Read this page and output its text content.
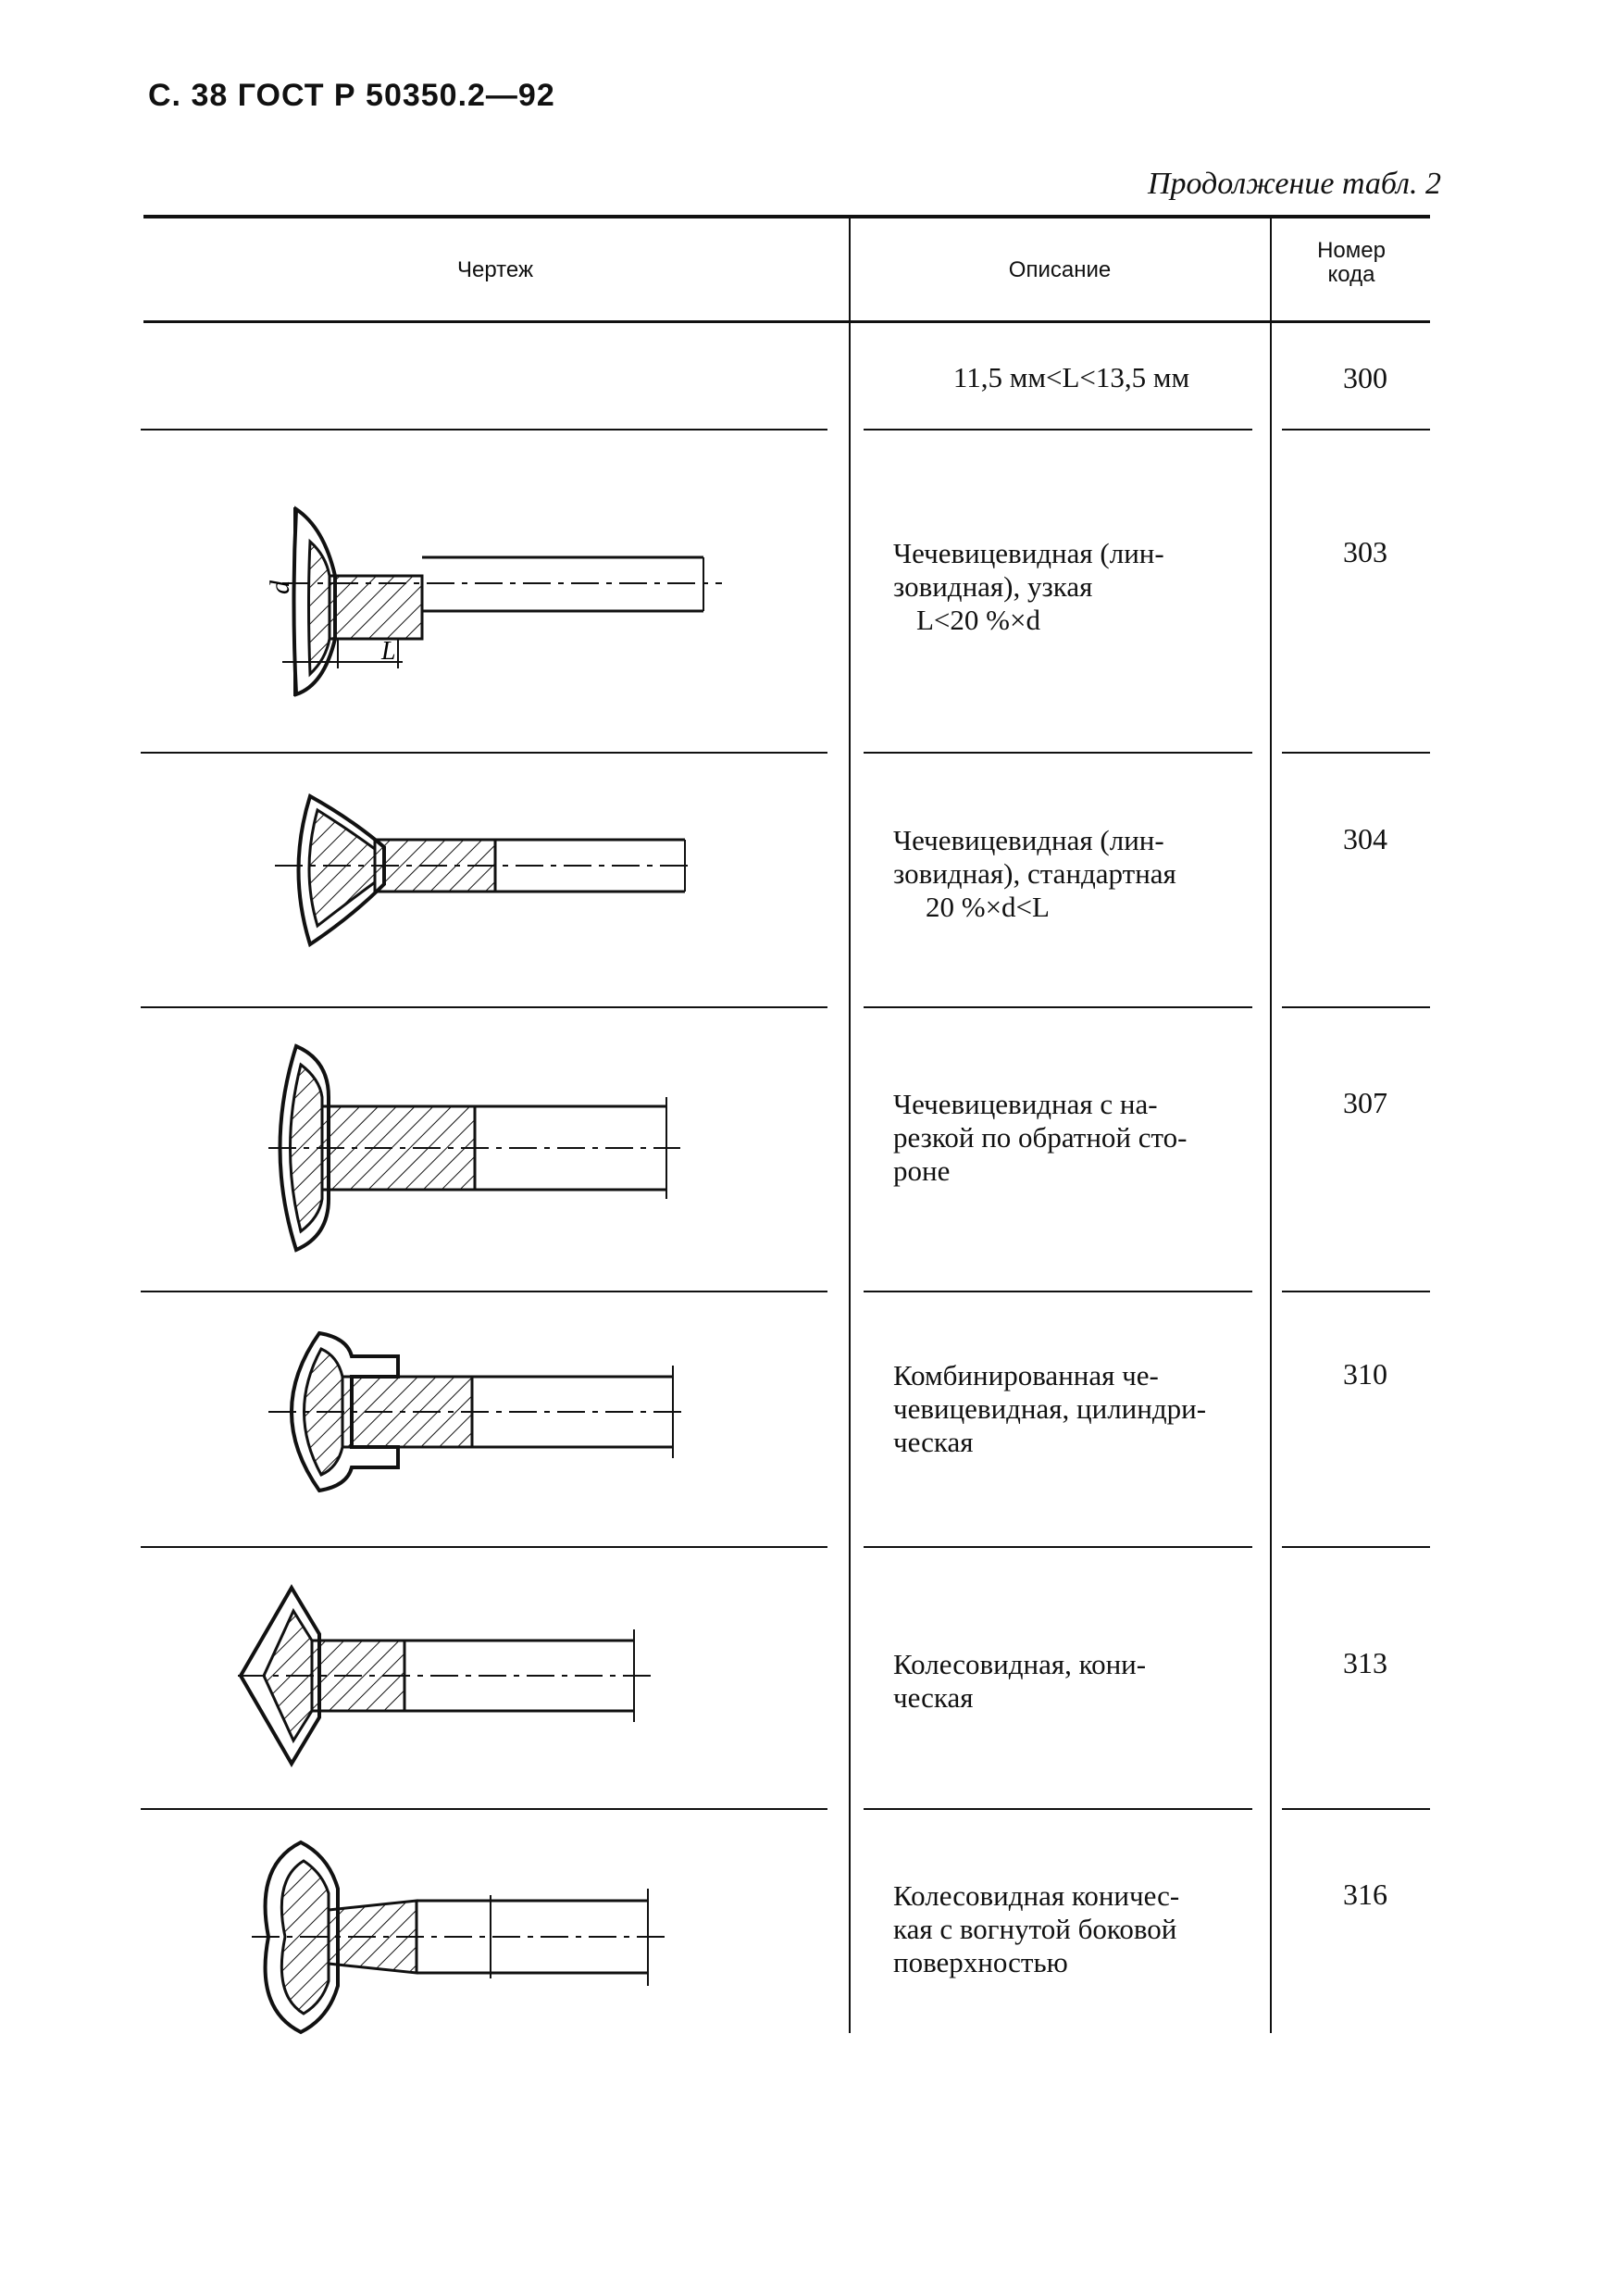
С. 38 ГОСТ Р 50350.2—92
Продолжение табл. 2
Чертеж	Описание
Номер
кода
11,5 мм<L<13,5 мм	300
d
L
Чечевицевидная (лин-
зовидная), узкая
L<20 %×d
303
Чечевицевидная (лин-
зовидная), стандартная
20 %×d<L
304
Чечевицевидная с на-
резкой по обратной сто-
роне
307
Комбинированная че-
чевицевидная, цилиндри-
ческая
310
Колесовидная, кони-
ческая
313
Колесовидная коничес-
кая с вогнутой боковой
поверхностью
316
